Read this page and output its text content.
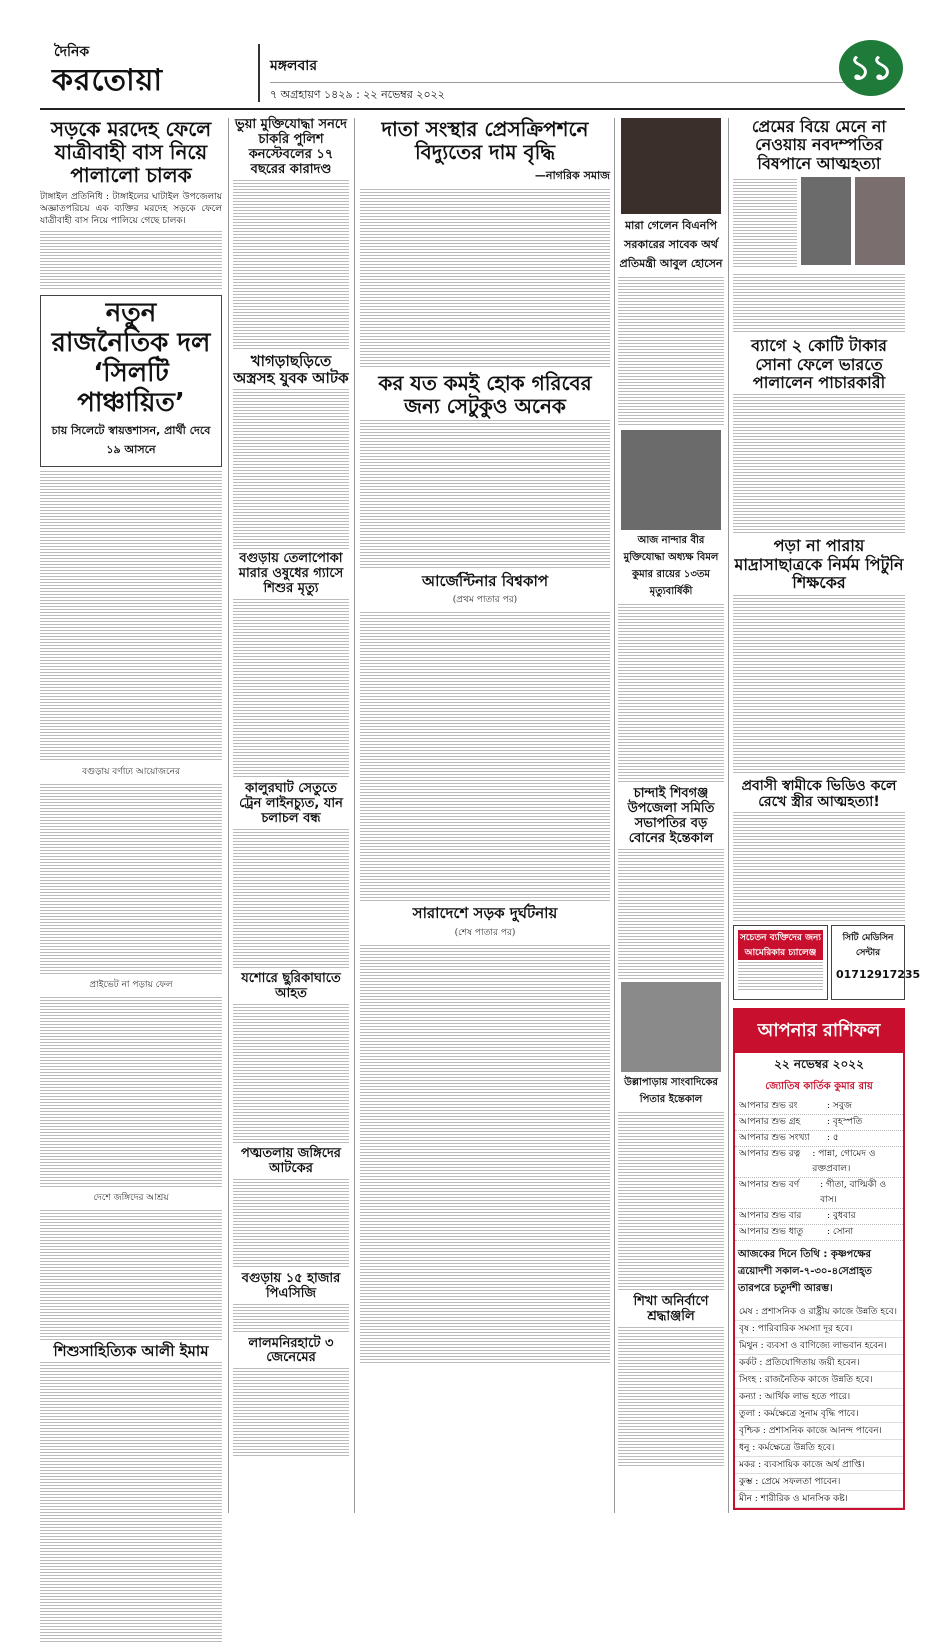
দৈনিক
করতোয়া	মঙ্গলবার
৭ অগ্রহায়ণ ১৪২৯ : ২২ নভেম্বর ২০২২
১১
সড়কে মরদেহ ফেলে যাত্রীবাহী বাস নিয়ে পালালো চালক

টাঙ্গাইল প্রতিনিধি : টাঙ্গাইলের ঘাটাইল উপজেলায় অজ্ঞাতপরিচয় এক ব্যক্তির মরদেহ সড়কে ফেলে যাত্রীবাহী বাস নিয়ে পালিয়ে গেছে চালক।

নতুন রাজনৈতিক দল ‘সিলটি পাঞ্চায়িত’
চায় সিলেটে স্বায়ত্তশাসন, প্রার্থী দেবে ১৯ আসনে
বগুড়ায় বর্ণাঢ্য আয়োজনের
প্রাইভেট না পড়ায় ফেল
দেশে জঙ্গিদের আশ্রয়
শিশুসাহিত্যিক আলী ইমাম
ভুয়া মুক্তিযোদ্ধা সনদে চাকরি পুলিশ কনস্টেবলের ১৭ বছরের কারাদণ্ড
খাগড়াছড়িতে অস্ত্রসহ যুবক আটক
বগুড়ায় তেলাপোকা মারার ওষুধের গ্যাসে শিশুর মৃত্যু
কালুরঘাট সেতুতে ট্রেন লাইনচ্যুত, যান চলাচল বন্ধ
যশোরে ছুরিকাঘাতে আহত
পত্মতলায় জঙ্গিদের আটকের
বগুড়ায় ১৫ হাজার পিএসিজি
লালমনিরহাটে ৩ জেনেমের
দাতা সংস্থার প্রেসক্রিপশনে বিদ্যুতের দাম বৃদ্ধি
—নাগরিক সমাজ
কর যত কমই হোক গরিবের জন্য সেটুকুও অনেক
আর্জেন্টিনার বিশ্বকাপ
(প্রথম পাতার পর)
সারাদেশে সড়ক দুর্ঘটনায়
(শেষ পাতার পর)
মারা গেলেন বিএনপি সরকারের সাবেক অর্থ প্রতিমন্ত্রী আবুল হোসেন
আজ নান্দার বীর মুক্তিযোদ্ধা অধ্যক্ষ বিমল কুমার রায়ের ১৩তম মৃত্যুবার্ষিকী
চান্দাই শিবগঞ্জ উপজেলা সমিতি সভাপতির বড় বোনের ইন্তেকাল
উল্লাপাড়ায় সাংবাদিকের পিতার ইন্তেকাল
শিখা অনির্বাণে শ্রদ্ধাঞ্জলি
প্রেমের বিয়ে মেনে না নেওয়ায় নবদম্পতির বিষপানে আত্মহত্যা
ব্যাগে ২ কোটি টাকার সোনা ফেলে ভারতে পালালেন পাচারকারী
পড়া না পারায় মাদ্রাসাছাত্রকে নির্মম পিটুনি শিক্ষকের
প্রবাসী স্বামীকে ভিডিও কলে রেখে স্ত্রীর আত্মহত্যা!
সচেতন ব্যক্তিদের জন্য আমেরিকার চ্যালেঞ্জ
সিটি মেডিসিন সেন্টার
01712917235
আপনার রাশিফল
২২ নভেম্বর ২০২২
জ্যোতিষ কার্তিক কুমার রায়
আপনার শুভ রং	: সবুজ
আপনার শুভ গ্রহ	: বৃহস্পতি
আপনার শুভ সংখ্যা	: ৫
আপনার শুভ রত্ন	: পান্না, গোমেদ ও রক্তপ্রবাল।
আপনার শুভ বর্ণ	: গীতা, বাল্মিকী ও বাস।
আপনার শুভ বার	: বুধবার
আপনার শুভ ধাতু	: সোনা
আজকের দিনে তিথি : কৃষ্ণপক্ষের ত্রয়োদশী সকাল-৭-৩০-৪সেপ্রাহ্ত তারপরে চতুর্দশী আরম্ভ।
মেষ : প্রশাসনিক ও রাষ্ট্রীয় কাজে উন্নতি হবে।
বৃষ : পারিবারিক সমস্যা দূর হবে।
মিথুন : ব্যবসা ও বাণিজ্যে লাভবান হবেন।
কর্কট : প্রতিযোগিতায় জয়ী হবেন।
সিংহ : রাজনৈতিক কাজে উন্নতি হবে।
কন্যা : আর্থিক লাভ হতে পারে।
তুলা : কর্মক্ষেত্রে সুনাম বৃদ্ধি পাবে।
বৃশ্চিক : প্রশাসনিক কাজে আনন্দ পাবেন।
ধনু : কর্মক্ষেত্রে উন্নতি হবে।
মকর : ব্যবসায়িক কাজে অর্থ প্রাপ্তি।
কুম্ভ : প্রেমে সফলতা পাবেন।
মীন : শারীরিক ও মানসিক কষ্ট।
